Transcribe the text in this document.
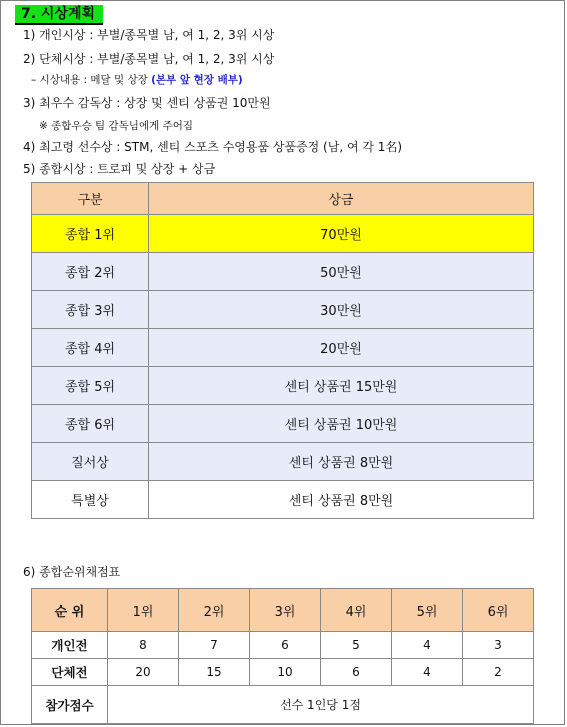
7. 시상계획
1) 개인시상 : 부별/종목별 남, 여 1, 2, 3위 시상
2) 단체시상 : 부별/종목별 남, 여 1, 2, 3위 시상
– 시상내용 : 메달 및 상장 (본부 앞 현장 배부)
3) 최우수 감독상 : 상장 및 센티 상품권 10만원
※ 종합우승 팀 감독님에게 주어짐
4) 최고령 선수상 : STM, 센티 스포츠 수영용품 상품증정 (남, 여 각 1名)
5) 종합시상 : 트로피 및 상장 + 상금
구분	상금
종합 1위	70만원
종합 2위	50만원
종합 3위	30만원
종합 4위	20만원
종합 5위	센티 상품권 15만원
종합 6위	센티 상품권 10만원
질서상	센티 상품권 8만원
특별상	센티 상품권 8만원
6) 종합순위채점표
순 위	1위	2위	3위	4위	5위	6위
개인전	8	7	6	5	4	3
단체전	20	15	10	6	4	2
참가점수	선수 1인당 1점					
